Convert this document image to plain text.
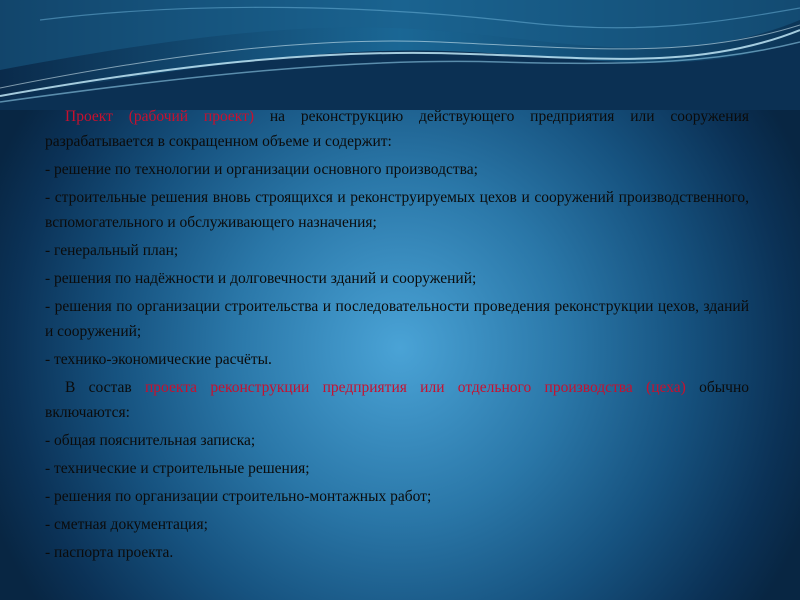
Проект (рабочий проект) на реконструкцию действующего предприятия или сооружения разрабатывается в сокращенном объеме и содержит:

- решение по технологии и организации основного производства;

- строительные решения вновь строящихся и реконструируемых цехов и сооружений производственного, вспомогательного и обслуживающего назначения;

- генеральный план;

- решения по надёжности и долговечности зданий и сооружений;

- решения по организации строительства и последовательности проведения реконструкции цехов, зданий и сооружений;

- технико-экономические расчёты.

В состав проекта реконструкции предприятия или отдельного производства (цеха) обычно включаются:

- общая пояснительная записка;

- технические и строительные решения;

- решения по организации строительно-монтажных работ;

- сметная документация;

- паспорта проекта.
